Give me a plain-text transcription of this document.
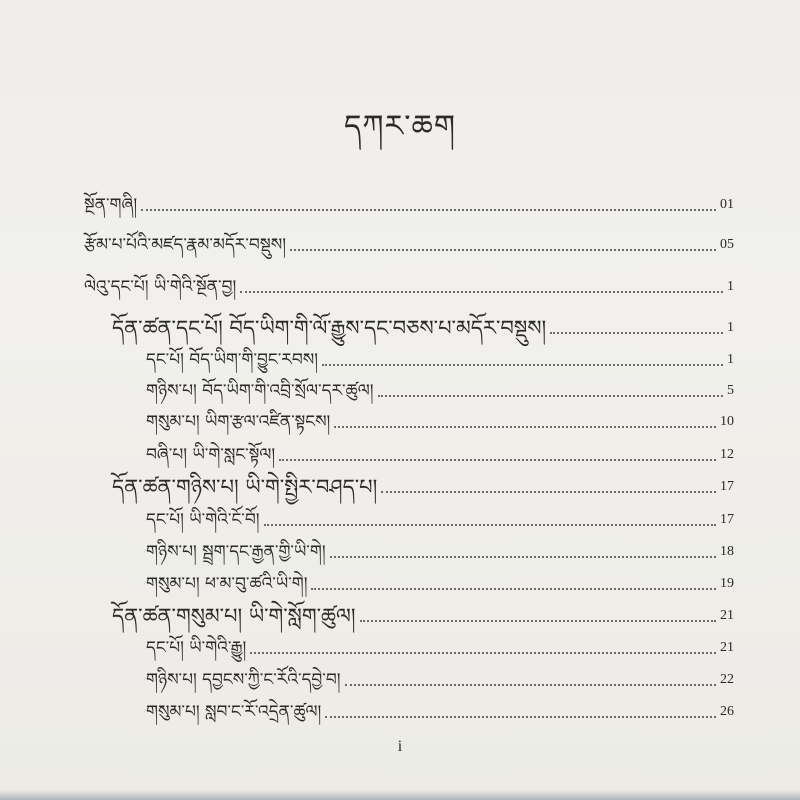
དཀར་ཆག
སྔོན་གཞི།	01
རྩོམ་པ་པོའི་མཛད་རྣམ་མདོར་བསྡུས།	05
ལེའུ་དང་པོ། ཡི་གེའི་སྔོན་བྱ།	1
དོན་ཚན་དང་པོ། བོད་ཡིག་གི་ལོ་རྒྱུས་དང་བཅས་པ་མདོར་བསྡུས།	1
དང་པོ། བོད་ཡིག་གི་བྱུང་རབས།	1
གཉིས་པ། བོད་ཡིག་གི་འབྲི་སྲོལ་དར་ཚུལ།	5
གསུམ་པ། ཡིག་རྩལ་འཛིན་སྟངས།	10
བཞི་པ། ཡི་གེ་སླང་སྟོལ།	12
དོན་ཚན་གཉིས་པ། ཡི་གེ་སྤྱིར་བཤད་པ།	17
དང་པོ། ཡི་གེའི་ངོ་བོ།	17
གཉིས་པ། སྦྲག་དང་རྒྱན་གྱི་ཡི་གེ།	18
གསུམ་པ། ཕ་མ་བུ་ཚའི་ཡི་གེ།	19
དོན་ཚན་གསུམ་པ། ཡི་གེ་སློག་ཚུལ།	21
དང་པོ། ཡི་གེའི་རྒྱུ།	21
གཉིས་པ། དབྱངས་ཀྱི་ང་རོའི་དབྱེ་བ།	22
གསུམ་པ། སླབ་ང་རོ་འདྲེན་ཚུལ།	26
i
